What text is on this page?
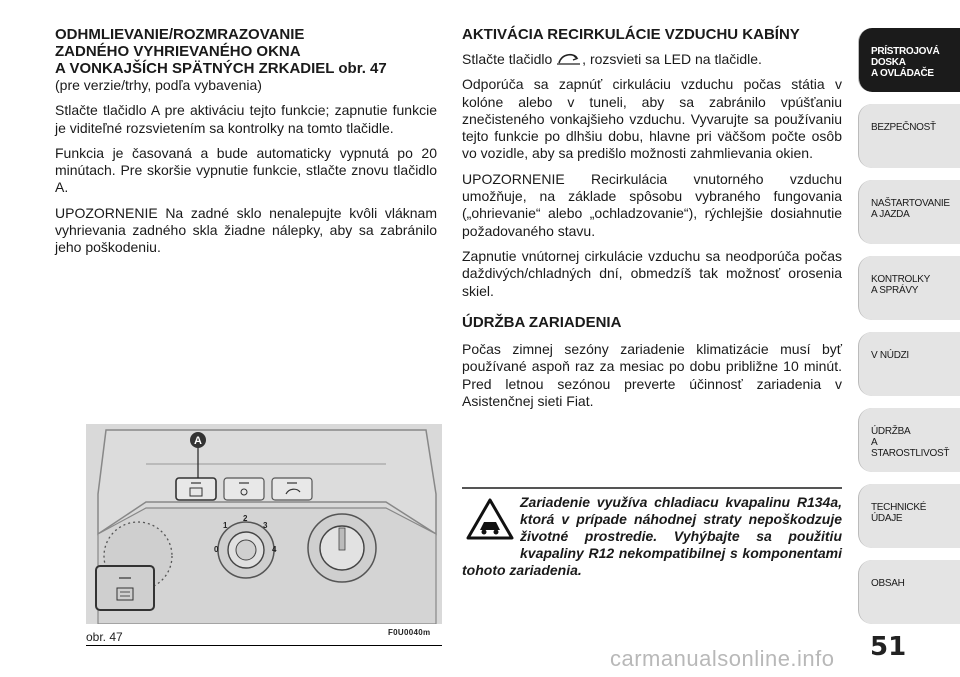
ODHMLIEVANIE/ROZMRAZOVANIE
ZADNÉHO VYHRIEVANÉHO OKNA
A VONKAJŠÍCH SPÄTNÝCH ZRKADIEL obr. 47

(pre verzie/trhy, podľa vybavenia)

Stlačte tlačidlo A pre aktiváciu tejto funkcie; zapnutie funkcie je viditeľné rozsvietením sa kontrolky na tomto tlačidle.

Funkcia je časovaná a bude automaticky vypnutá po 20 minútach. Pre skoršie vypnutie funkcie, stlačte znovu tlačidlo A.

UPOZORNENIE Na zadné sklo nenalepujte kvôli vláknam vyhrievania zadného skla žiadne nálepky, aby sa zabránilo jeho poškodeniu.

AKTIVÁCIA RECIRKULÁCIE VZDUCHU KABÍNY

Stlačte tlačidlo , rozsvieti sa LED na tlačidle.

Odporúča sa zapnúť cirkuláciu vzduchu počas státia v kolóne alebo v tuneli, aby sa zabránilo vpúšťaniu znečisteného vonkajšieho vzduchu. Vyvarujte sa používaniu tejto funkcie po dlhšiu dobu, hlavne pri väčšom počte osôb vo vozidle, aby sa predišlo možnosti zahmlievania okien.

UPOZORNENIE Recirkulácia vnutorného vzduchu umožňuje, na základe spôsobu vybraného fungovania („ohrievanie“ alebo „ochladzovanie“), rýchlejšie dosiahnutie požadovaného stavu.

Zapnutie vnútornej cirkulácie vzduchu sa neodporúča počas daždivých/chladných dní, obmedzíš tak možnosť orosenia skiel.

ÚDRŽBA ZARIADENIA

Počas zimnej sezóny zariadenie klimatizácie musí byť používané aspoň raz za mesiac po dobu približne 10 minút. Pred letnou sezónou preverte účinnosť zariadenia v Asistenčnej sieti Fiat.

A
0
1
2
3
4
obr. 47	F0U0040m
Zariadenie využíva chladiacu kvapalinu R134a, ktorá v prípade náhodnej straty nepoškodzuje životné prostredie. Vyhýbajte sa použitiu kvapaliny R12 nekompatibilnej s komponentami tohoto zariadenia.
PRÍSTROJOVÁ
DOSKA
A OVLÁDAČE
BEZPEČNOSŤ
NAŠTARTOVANIE
A JAZDA
KONTROLKY
A SPRÁVY
V NÚDZI
ÚDRŽBA
A STAROSTLIVOSŤ
TECHNICKÉ ÚDAJE
OBSAH
51
carmanualsonline.info
